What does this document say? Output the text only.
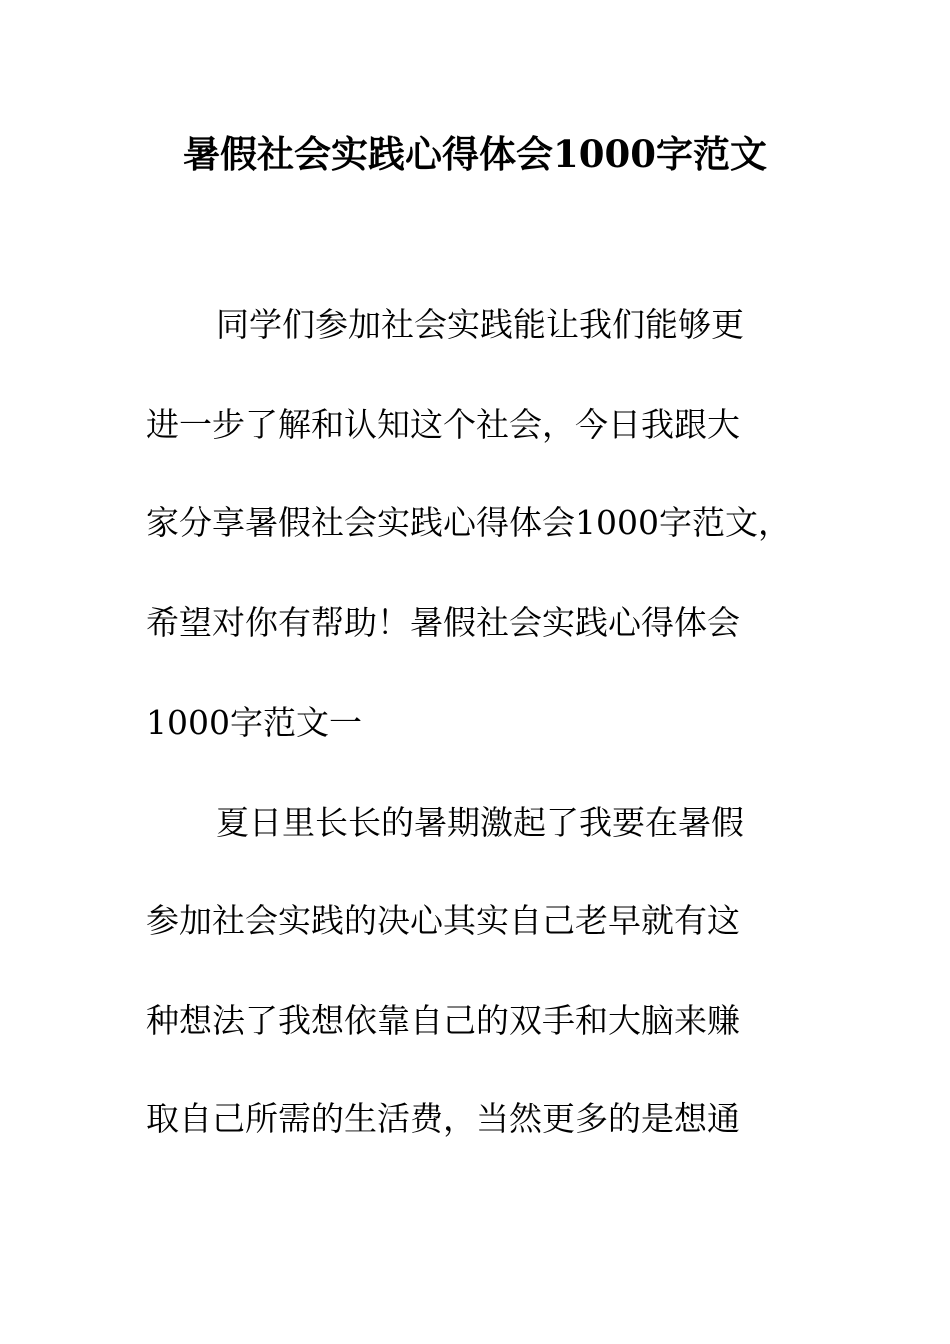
暑假社会实践心得体会1000字范文
同学们参加社会实践能让我们能够更
进一步了解和认知这个社会，今日我跟大
家分享暑假社会实践心得体会1000字范文，
希望对你有帮助！暑假社会实践心得体会
1000字范文一
夏日里长长的暑期激起了我要在暑假
参加社会实践的决心其实自己老早就有这
种想法了我想依靠自己的双手和大脑来赚
取自己所需的生活费，当然更多的是想通
